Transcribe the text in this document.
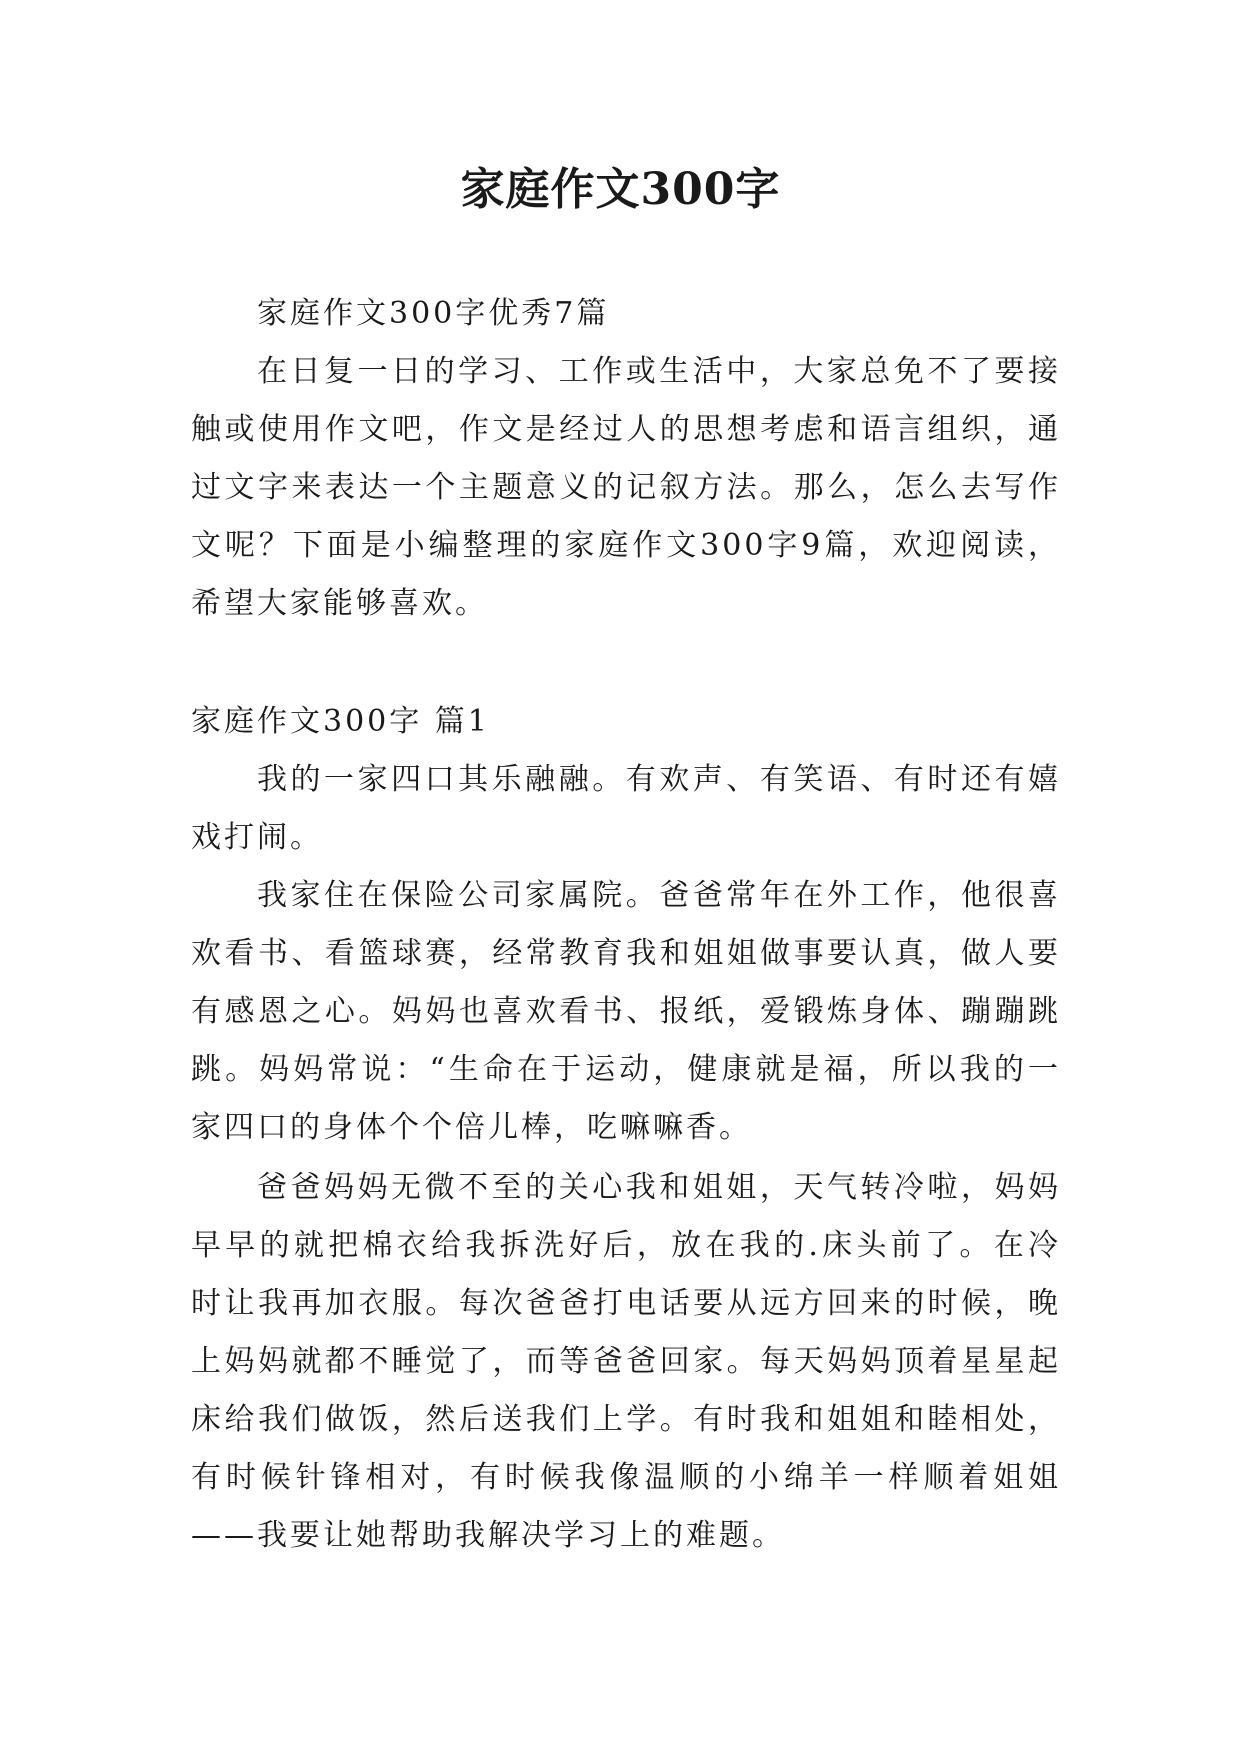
家庭作文300字

家庭作文300字优秀7篇

在日复一日的学习、工作或生活中，大家总免不了要接触或使用作文吧，作文是经过人的思想考虑和语言组织，通过文字来表达一个主题意义的记叙方法。那么，怎么去写作文呢？下面是小编整理的家庭作文300字9篇，欢迎阅读，希望大家能够喜欢。

家庭作文300字 篇1

我的一家四口其乐融融。有欢声、有笑语、有时还有嬉戏打闹。

我家住在保险公司家属院。爸爸常年在外工作，他很喜欢看书、看篮球赛，经常教育我和姐姐做事要认真，做人要有感恩之心。妈妈也喜欢看书、报纸，爱锻炼身体、蹦蹦跳跳。妈妈常说：“生命在于运动，健康就是福，所以我的一家四口的身体个个倍儿棒，吃嘛嘛香。

爸爸妈妈无微不至的关心我和姐姐，天气转冷啦，妈妈早早的就把棉衣给我拆洗好后，放在我的.床头前了。在冷时让我再加衣服。每次爸爸打电话要从远方回来的时候，晚上妈妈就都不睡觉了，而等爸爸回家。每天妈妈顶着星星起床给我们做饭，然后送我们上学。有时我和姐姐和睦相处，有时候针锋相对，有时候我像温顺的小绵羊一样顺着姐姐——我要让她帮助我解决学习上的难题。
